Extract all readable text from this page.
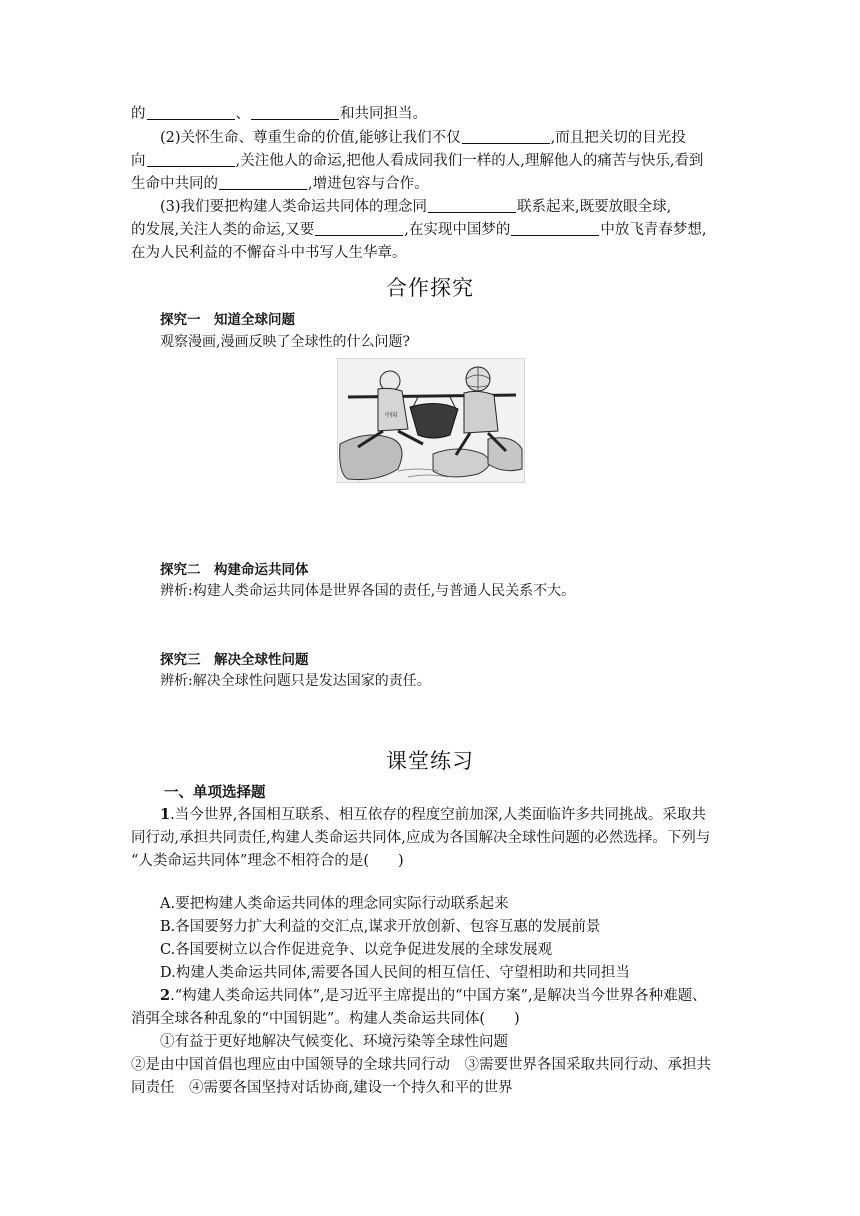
的	、	和共同担当。
(2)关怀生命、尊重生命的价值,能够让我们不仅	,而且把关切的目光投
向	,关注他人的命运,把他人看成同我们一样的人,理解他人的痛苦与快乐,看到
生命中共同的	,增进包容与合作。
(3)我们要把构建人类命运共同体的理念同	联系起来,既要放眼全球,
的发展,关注人类的命运,又要	,在实现中国梦的	中放飞青春梦想,
在为人民利益的不懈奋斗中书写人生华章。
合作探究
探究一　知道全球问题
观察漫画,漫画反映了全球性的什么问题?
中国
探究二　构建命运共同体
辨析:构建人类命运共同体是世界各国的责任,与普通人民关系不大。
探究三　解决全球性问题
辨析:解决全球性问题只是发达国家的责任。
课堂练习
一、单项选择题
1.当今世界,各国相互联系、相互依存的程度空前加深,人类面临许多共同挑战。采取共
同行动,承担共同责任,构建人类命运共同体,应成为各国解决全球性问题的必然选择。下列与
“人类命运共同体”理念不相符合的是(　　)
A.要把构建人类命运共同体的理念同实际行动联系起来
B.各国要努力扩大利益的交汇点,谋求开放创新、包容互惠的发展前景
C.各国要树立以合作促进竞争、以竞争促进发展的全球发展观
D.构建人类命运共同体,需要各国人民间的相互信任、守望相助和共同担当
2.“构建人类命运共同体”,是习近平主席提出的“中国方案”,是解决当今世界各种难题、
消弭全球各种乱象的“中国钥匙”。构建人类命运共同体(　　)
①有益于更好地解决气候变化、环境污染等全球性问题
②是由中国首倡也理应由中国领导的全球共同行动　③需要世界各国采取共同行动、承担共
同责任　④需要各国坚持对话协商,建设一个持久和平的世界
